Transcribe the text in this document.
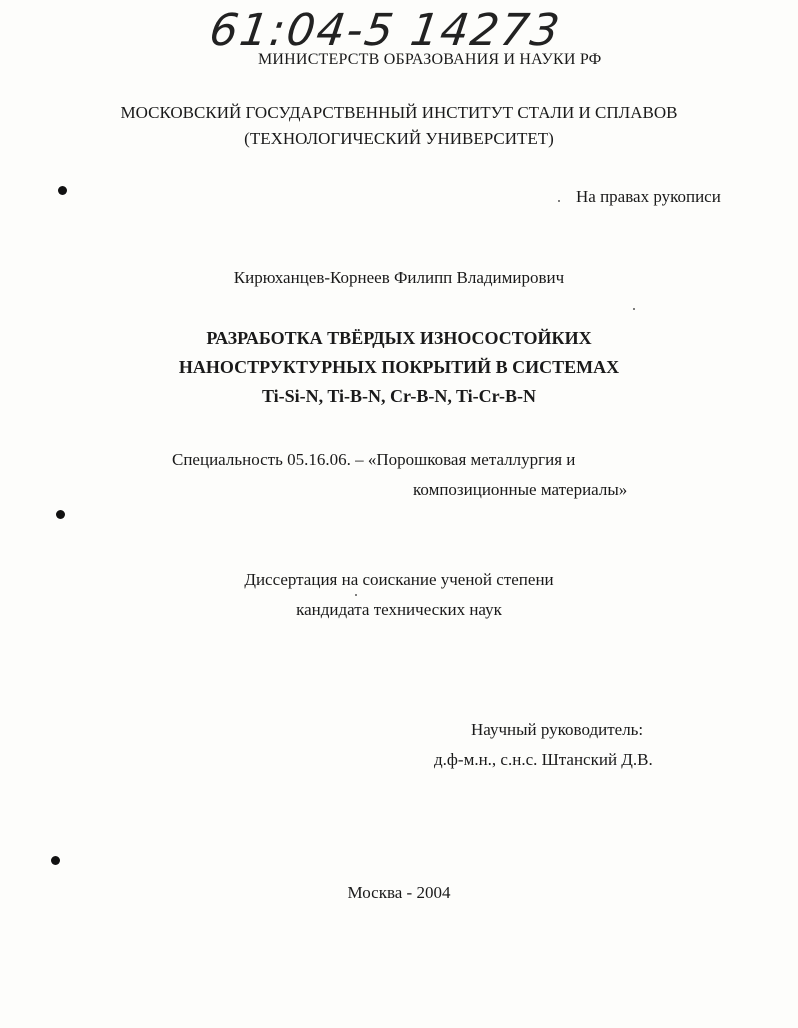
61:04-5 14273
МИНИСТЕРСТВ ОБРАЗОВАНИЯ И НАУКИ РФ
МОСКОВСКИЙ ГОСУДАРСТВЕННЫЙ ИНСТИТУТ СТАЛИ И СПЛАВОВ
(ТЕХНОЛОГИЧЕСКИЙ УНИВЕРСИТЕТ)
На правах рукописи
Кирюханцев-Корнеев Филипп Владимирович
РАЗРАБОТКА ТВЁРДЫХ ИЗНОСОСТОЙКИХ
НАНОСТРУКТУРНЫХ ПОКРЫТИЙ В СИСТЕМАХ
Ti-Si-N, Ti-B-N, Cr-B-N, Ti-Cr-B-N
Специальность 05.16.06. – «Порошковая металлургия и
композиционные материалы»
Диссертация на соискание ученой степени
кандидата технических наук
Научный руководитель:
д.ф-м.н., с.н.с. Штанский Д.В.
Москва - 2004
